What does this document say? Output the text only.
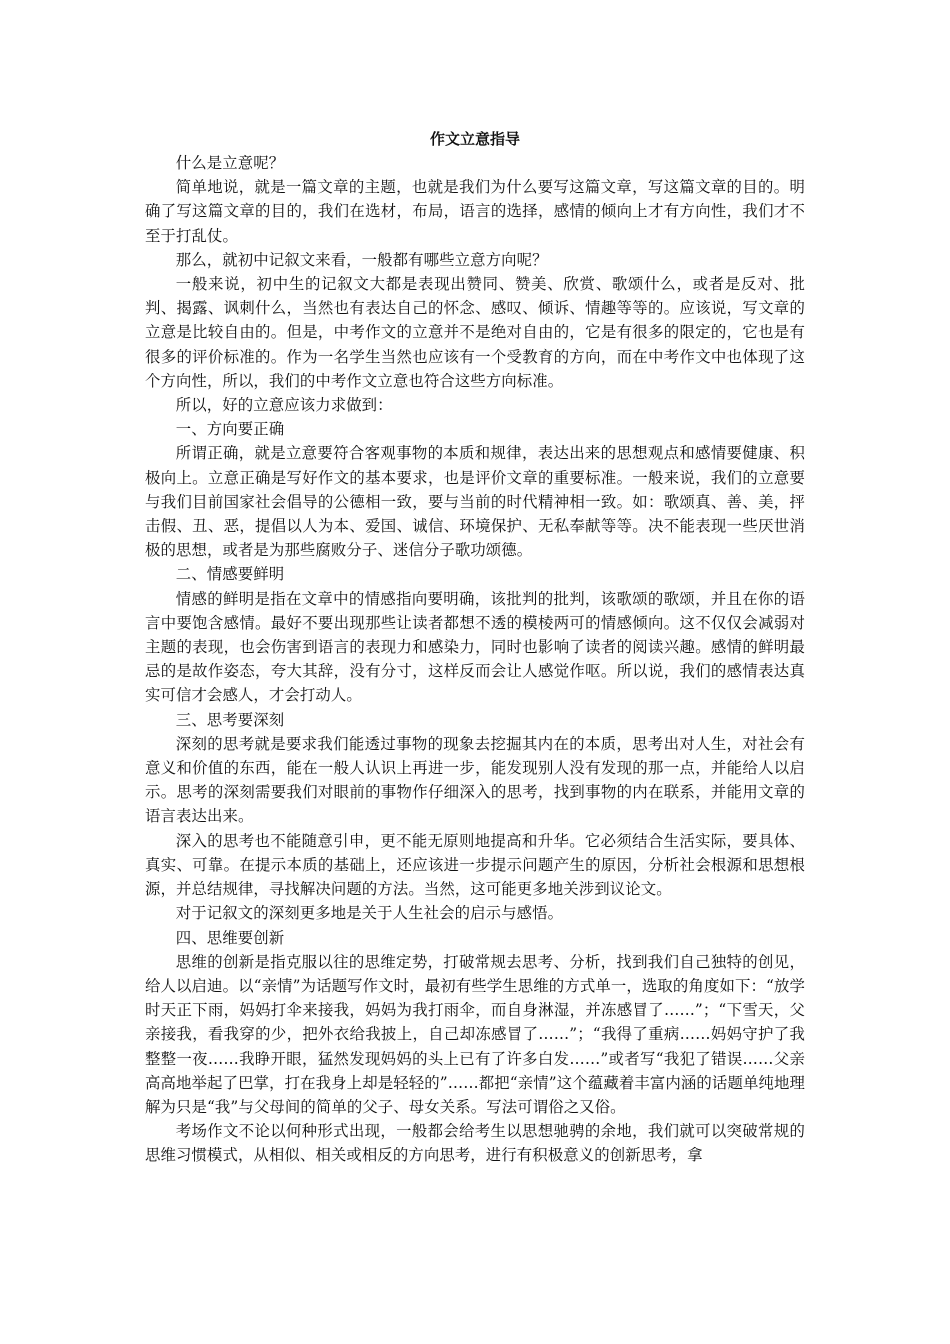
作文立意指导

什么是立意呢？

简单地说，就是一篇文章的主题，也就是我们为什么要写这篇文章，写这篇文章的目的。明确了写这篇文章的目的，我们在选材，布局，语言的选择，感情的倾向上才有方向性，我们才不至于打乱仗。

那么，就初中记叙文来看，一般都有哪些立意方向呢？

一般来说，初中生的记叙文大都是表现出赞同、赞美、欣赏、歌颂什么，或者是反对、批判、揭露、讽刺什么，当然也有表达自己的怀念、感叹、倾诉、情趣等等的。应该说，写文章的立意是比较自由的。但是，中考作文的立意并不是绝对自由的，它是有很多的限定的，它也是有很多的评价标准的。作为一名学生当然也应该有一个受教育的方向，而在中考作文中也体现了这个方向性，所以，我们的中考作文立意也符合这些方向标准。

所以，好的立意应该力求做到：

一、方向要正确

所谓正确，就是立意要符合客观事物的本质和规律，表达出来的思想观点和感情要健康、积极向上。立意正确是写好作文的基本要求，也是评价文章的重要标准。一般来说，我们的立意要与我们目前国家社会倡导的公德相一致，要与当前的时代精神相一致。如：歌颂真、善、美，抨击假、丑、恶，提倡以人为本、爱国、诚信、环境保护、无私奉献等等。决不能表现一些厌世消极的思想，或者是为那些腐败分子、迷信分子歌功颂德。

二、情感要鲜明

情感的鲜明是指在文章中的情感指向要明确，该批判的批判，该歌颂的歌颂，并且在你的语言中要饱含感情。最好不要出现那些让读者都想不透的模棱两可的情感倾向。这不仅仅会减弱对主题的表现，也会伤害到语言的表现力和感染力，同时也影响了读者的阅读兴趣。感情的鲜明最忌的是故作姿态，夸大其辞，没有分寸，这样反而会让人感觉作呕。所以说，我们的感情表达真实可信才会感人，才会打动人。

三、思考要深刻

深刻的思考就是要求我们能透过事物的现象去挖掘其内在的本质，思考出对人生，对社会有意义和价值的东西，能在一般人认识上再进一步，能发现别人没有发现的那一点，并能给人以启示。思考的深刻需要我们对眼前的事物作仔细深入的思考，找到事物的内在联系，并能用文章的语言表达出来。

深入的思考也不能随意引申，更不能无原则地提高和升华。它必须结合生活实际，要具体、真实、可靠。在提示本质的基础上，还应该进一步提示问题产生的原因，分析社会根源和思想根源，并总结规律，寻找解决问题的方法。当然，这可能更多地关涉到议论文。

对于记叙文的深刻更多地是关于人生社会的启示与感悟。

四、思维要创新

思维的创新是指克服以往的思维定势，打破常规去思考、分析，找到我们自己独特的创见，给人以启迪。以“亲情”为话题写作文时，最初有些学生思维的方式单一，选取的角度如下：“放学时天正下雨，妈妈打伞来接我，妈妈为我打雨伞，而自身淋湿，并冻感冒了……”；“下雪天，父亲接我，看我穿的少，把外衣给我披上，自己却冻感冒了……”；“我得了重病……妈妈守护了我整整一夜……我睁开眼，猛然发现妈妈的头上已有了许多白发……”或者写“我犯了错误……父亲高高地举起了巴掌，打在我身上却是轻轻的”……都把“亲情”这个蕴藏着丰富内涵的话题单纯地理解为只是“我”与父母间的简单的父子、母女关系。写法可谓俗之又俗。

考场作文不论以何种形式出现，一般都会给考生以思想驰骋的余地，我们就可以突破常规的思维习惯模式，从相似、相关或相反的方向思考，进行有积极意义的创新思考，拿
